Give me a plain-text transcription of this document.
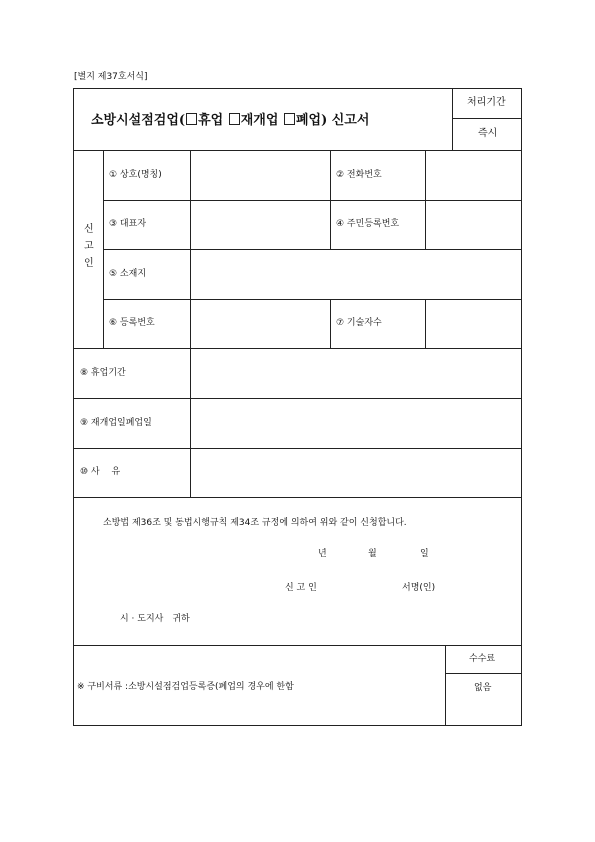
[별지 제37호서식]
소방시설점검업( 휴업 재개업 폐업) 신고서
처리기간
즉시
신
고
인
① 상호(명칭)	② 전화번호
③ 대표자	④ 주민등록번호
⑤ 소재지
⑥ 등록번호	⑦ 기술자수
⑧ 휴업기간
⑨ 재개업일폐업일
⑩ 사　 유
소방법 제36조 및 동법시행규칙 제34조 규정에 의하여 위와 같이 신청합니다.
년	월	일
신 고 인	서명(인)
시 · 도지사　귀하
※ 구비서류 :소방시설점검업등록증(폐업의 경우에 한함
수수료
없음
